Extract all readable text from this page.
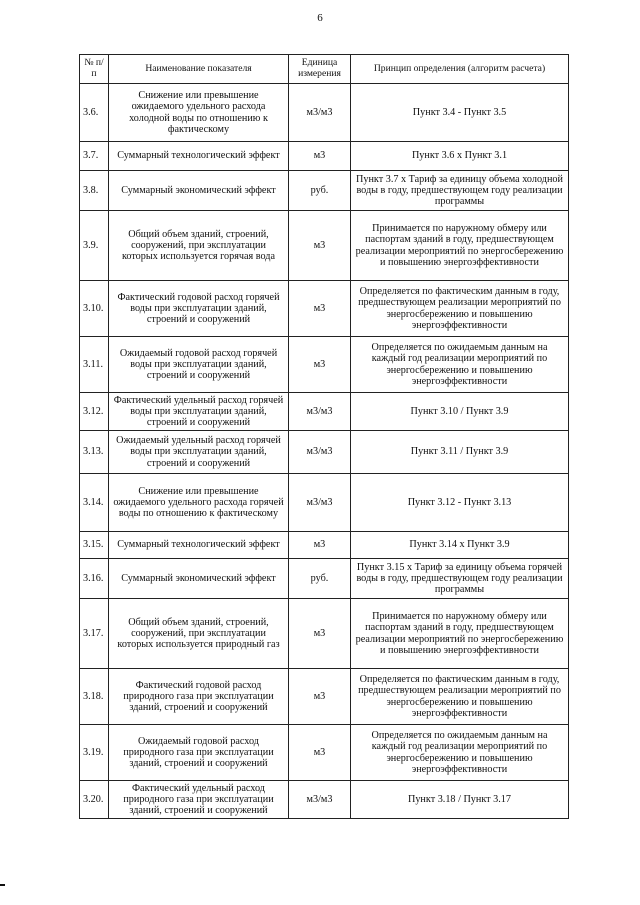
6
№ п/п	Наименование показателя	Единица измерения	Принцип определения (алгоритм расчета)
3.6.	Снижение или превышение ожидаемого удельного расхода холодной воды по отношению к фактическому	м3/м3	Пункт 3.4 - Пункт 3.5
3.7.	Суммарный технологический эффект	м3	Пункт 3.6 х Пункт 3.1
3.8.	Суммарный экономический эффект	руб.	Пункт 3.7 х Тариф за единицу объема холодной воды в году, предшествующем году реализации программы
3.9.	Общий объем зданий, строений, сооружений, при эксплуатации которых используется горячая вода	м3	Принимается по наружному обмеру или паспортам зданий в году, предшествующем реализации мероприятий по энергосбережению и повышению энергоэффективности
3.10.	Фактический годовой расход горячей воды при эксплуатации зданий, строений и сооружений	м3	Определяется по фактическим данным в году, предшествующем реализации мероприятий по энергосбережению и повышению энергоэффективности
3.11.	Ожидаемый годовой расход горячей воды при эксплуатации зданий, строений и сооружений	м3	Определяется по ожидаемым данным на каждый год реализации мероприятий по энергосбережению и повышению энергоэффективности
3.12.	Фактический удельный расход горячей воды при эксплуатации зданий, строений и сооружений	м3/м3	Пункт 3.10 / Пункт 3.9
3.13.	Ожидаемый удельный расход горячей воды при эксплуатации зданий, строений и сооружений	м3/м3	Пункт 3.11 / Пункт 3.9
3.14.	Снижение или превышение ожидаемого удельного расхода горячей воды по отношению к фактическому	м3/м3	Пункт 3.12 - Пункт 3.13
3.15.	Суммарный технологический эффект	м3	Пункт 3.14 х Пункт 3.9
3.16.	Суммарный экономический эффект	руб.	Пункт 3.15 х Тариф за единицу объема горячей воды в году, предшествующем году реализации программы
3.17.	Общий объем зданий, строений, сооружений, при эксплуатации которых используется природный газ	м3	Принимается по наружному обмеру или паспортам зданий в году, предшествующем реализации мероприятий по энергосбережению и повышению энергоэффективности
3.18.	Фактический годовой расход природного газа при эксплуатации зданий, строений и сооружений	м3	Определяется по фактическим данным в году, предшествующем реализации мероприятий по энергосбережению и повышению энергоэффективности
3.19.	Ожидаемый годовой расход природного газа при эксплуатации зданий, строений и сооружений	м3	Определяется по ожидаемым данным на каждый год реализации мероприятий по энергосбережению и повышению энергоэффективности
3.20.	Фактический удельный расход природного газа при эксплуатации зданий, строений и сооружений	м3/м3	Пункт 3.18 / Пункт 3.17
